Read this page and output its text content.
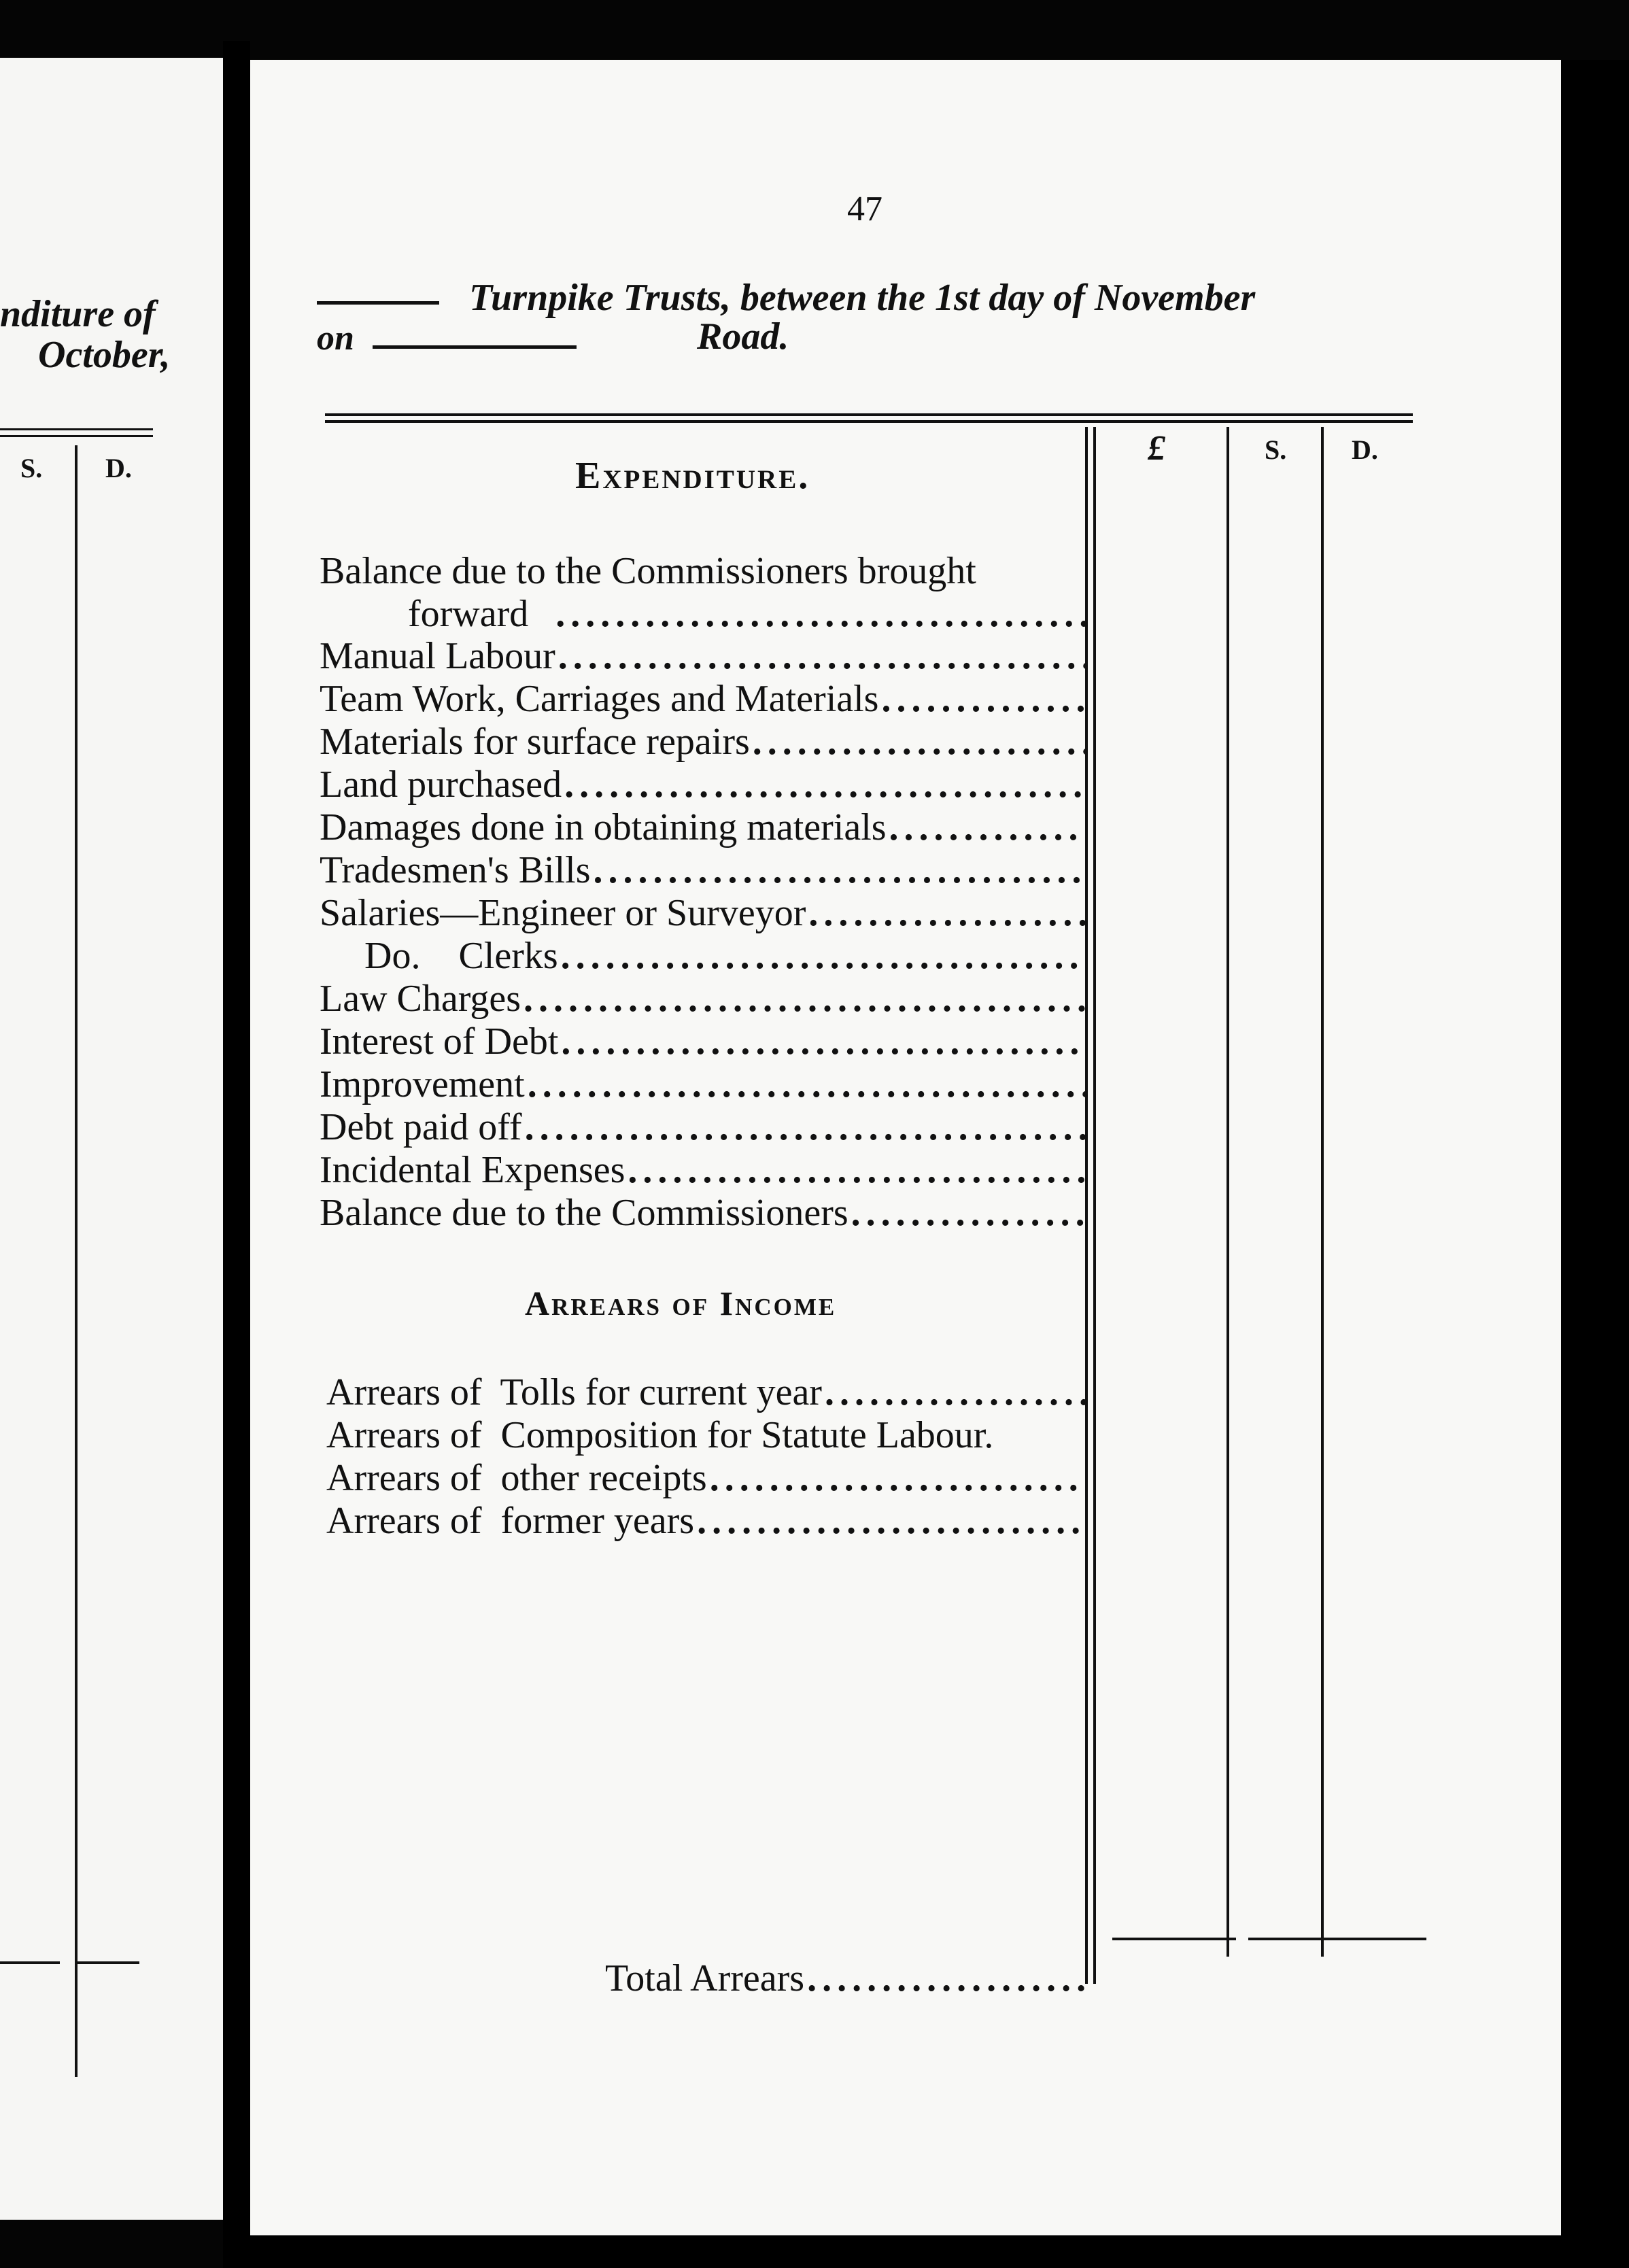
nditure of
October,
S. D.
47
Turnpike Trusts, between the 1st day of November
on	Road.
£	S. D.
Expenditure.
Balance due to the Commissioners brought
forward
.....
Manual Labour
.....
Team Work, Carriages and Materials
.....
Materials for surface repairs
.....
Land purchased
.....
Damages done in obtaining materials
.....
Tradesmen's Bills
.....
Salaries—Engineer or Surveyor
.....
Do.    Clerks
.....
Law Charges
.....
Interest of Debt
.....
Improvement
.....
Debt paid off
.....
Incidental Expenses
.....
Balance due to the Commissioners
.....
Arrears of Income
Arrears of  Tolls for current year
.....
Arrears of  Composition for Statute Labour.
Arrears of  other receipts
.....
Arrears of  former years
.....
Total Arrears
.....
